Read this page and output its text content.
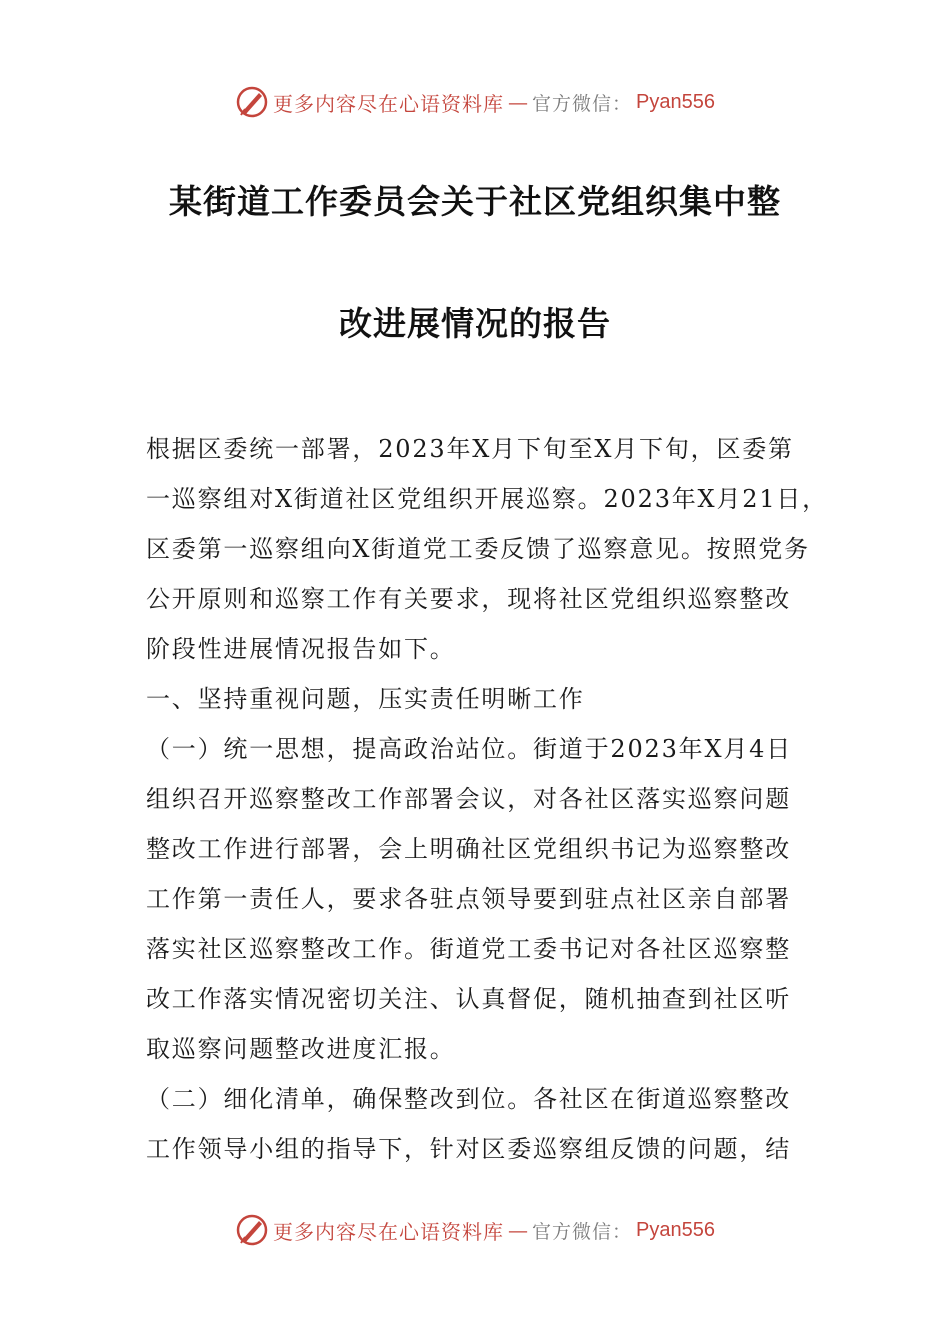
更多内容尽在心语资料库 — 官方微信： Pyan556
某街道工作委员会关于社区党组织集中整
改进展情况的报告
根据区委统一部署，2023年X月下旬至X月下旬，区委第
一巡察组对X街道社区党组织开展巡察。2023年X月21日，
区委第一巡察组向X街道党工委反馈了巡察意见。按照党务
公开原则和巡察工作有关要求，现将社区党组织巡察整改
阶段性进展情况报告如下。
一、坚持重视问题，压实责任明晰工作
（一）统一思想，提高政治站位。街道于2023年X月4日
组织召开巡察整改工作部署会议，对各社区落实巡察问题
整改工作进行部署，会上明确社区党组织书记为巡察整改
工作第一责任人，要求各驻点领导要到驻点社区亲自部署
落实社区巡察整改工作。街道党工委书记对各社区巡察整
改工作落实情况密切关注、认真督促，随机抽查到社区听
取巡察问题整改进度汇报。
（二）细化清单，确保整改到位。各社区在街道巡察整改
工作领导小组的指导下，针对区委巡察组反馈的问题，结
更多内容尽在心语资料库 — 官方微信： Pyan556
